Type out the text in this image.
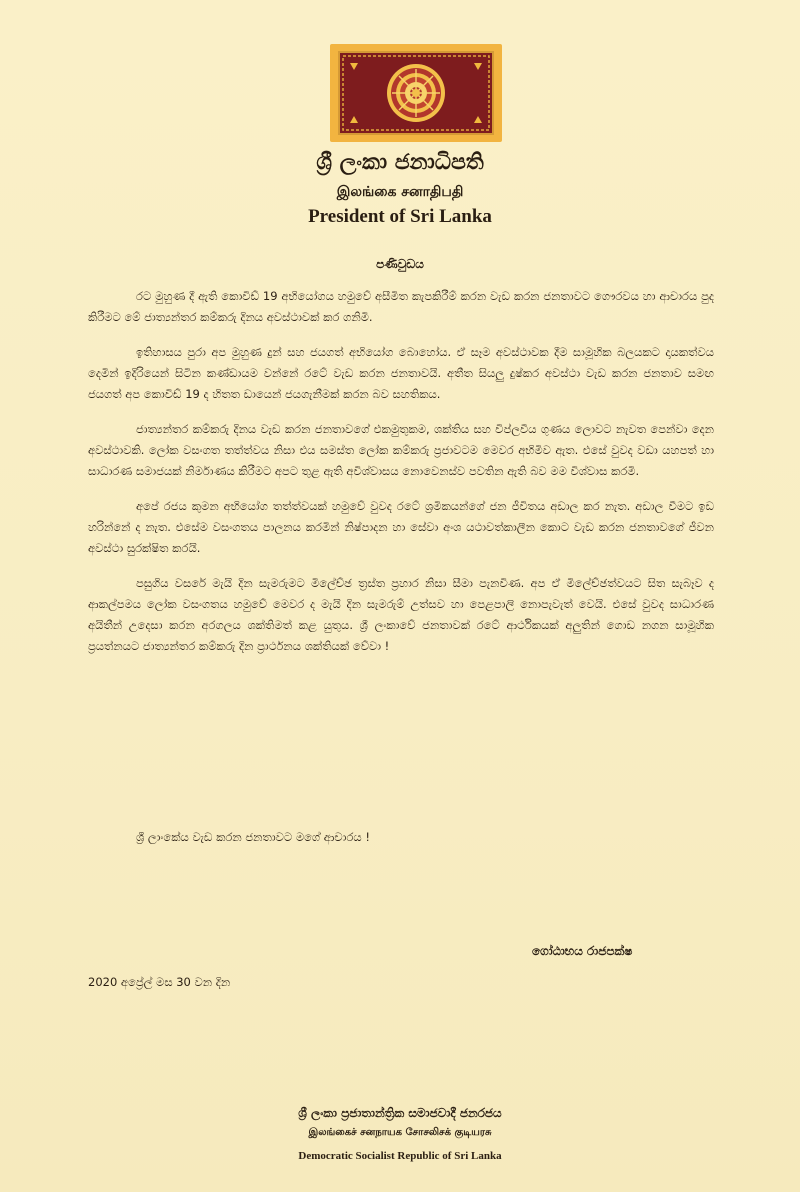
ශ්‍රී ලංකා ජනාධිපති
இலங்கை சனாதிபதி
President of Sri Lanka
පණිවුඩය

රට මුහුණ දී ඇති කොවිඩ් 19 අභියෝගය හමුවේ අසීමිත කැපකිරීම් කරන වැඩ කරන ජනතාවට ගෞරවය හා ආචාරය පුද කිරීමට මේ ජාත්‍යන්තර කම්කරු දිනය අවස්ථාවක් කර ගනිමි.

ඉතිහාසය පුරා අප මුහුණ දුන් සහ ජයගත් අභියෝග බොහෝය. ඒ සෑම අවස්ථාවක දීම සාමූහික බලයකට දායකත්වය දෙමින් ඉදිරියෙන් සිටින කණ්ඩායම වන්නේ රටේ වැඩ කරන ජනතාවයි. අතීත සියලු දුෂ්කර අවස්ථා වැඩ කරන ජනතාව සමඟ ජයගත් අප කොවිඩ් 19 ද හිතත ඩායෙන් ජයගැනීමක් කරන බව සහතිකය.

ජාත්‍යන්තර කම්කරු දිනය වැඩ කරන ජනතාවගේ එකමුතුකම, ශක්තිය සහ විප්ලවීය ගුණය ලොවට නැවත පෙන්වා දෙන අවස්ථාවකි. ලෝක වසංගත තත්ත්වය නිසා එය සමස්ත ලෝක කම්කරු ප්‍රජාවටම මෙවර අභිමිව ඇත. එසේ වුවද වඩා යහපත් හා සාධාරණ සමාජයක් නිර්මාණය කිරීමට අපට තුළ ඇති අවිශ්වාසය නොවෙනස්ව පවතින ඇති බව මම විශ්වාස කරමි.

අපේ රජය කුමන අභියෝග තත්ත්වයක් හමුවේ වුවද රටේ ශ්‍රමිකයන්ගේ ජන ජීවිතය අඩාල කර නැත. අඩාල වීමට ඉඩ හරින්නේ ද නැත. එසේම වසංගතය පාලනය කරමින් නිෂ්පාදන හා සේවා අංශ යථාවත්කාලීන කොට වැඩ කරන ජනතාවගේ ජීවන අවස්ථා සුරක්ෂිත කරයි.

පසුගිය වසරේ මැයි දින සැමරුමට මිලේච්ඡ ත්‍රස්ත ප්‍රහාර නිසා සීමා පැනවිණ. අප ඒ මිලේච්ඡත්වයට සිත සැබෑව ද ආකල්පමය ලෝක වසංගතය හමුවේ මෙවර ද මැයි දින සැමරුම් උත්සව හා පෙළපාලි නොපැවැත් වෙයි. එසේ වුවද සාධාරණ අයිතීන් උදෙසා කරන අරගලය ශක්තිමත් කළ යුතුය. ශ්‍රී ලංකාවේ ජනතාවක් රටේ ආර්ථිකයක් අලුතින් ගොඩ නගන සාමූහික ප්‍රයත්නයට ජාත්‍යන්තර කම්කරු දින ප්‍රාර්ථනය ශක්තියක් වේවා !

ශ්‍රී ලාංකේය වැඩ කරන ජනතාවට මගේ ආචාරය !
ගෝඨාභය රාජපක්ෂ
2020 අප්‍රේල් මස 30 වන දින
ශ්‍රී ලංකා ප්‍රජාතාන්ත්‍රික සමාජවාදී ජනරජය
இலங்கைச் சனநாயக சோசலிசக் குடியரசு
Democratic Socialist Republic of Sri Lanka
